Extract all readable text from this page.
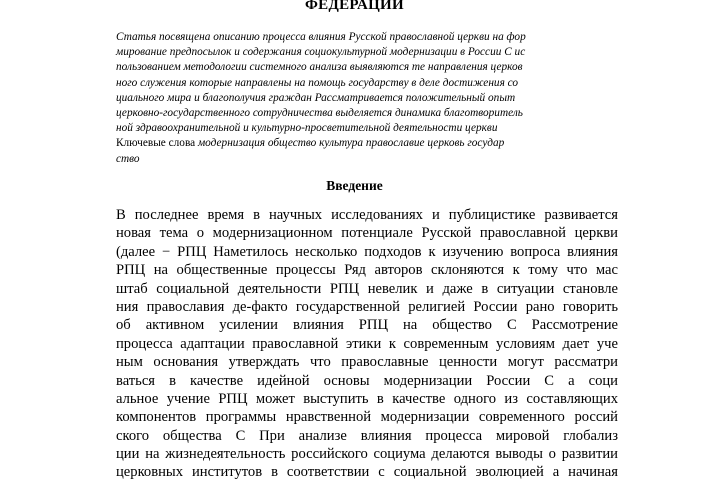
ФЕДЕРАЦИИ
Статья посвящена описанию процесса влияния Русской православной церкви на фор
мирование предпосылок и содержания социокультурной модернизации в России С ис
пользованием методологии системного анализа выявляются те направления церков
ного служения которые направлены на помощь государству в деле достижения со
циального мира и благополучия граждан Рассматривается положительный опыт
церковно-государственного сотрудничества выделяется динамика благотворитель
ной здравоохранительной и культурно-просветительной деятельности церкви
Ключевые слова модернизация общество культура православие церковь государ
ство
Введение
В последнее время в научных исследованиях и публицистике развивается
новая тема о модернизационном потенциале Русской православной церкви
(далее − РПЦ Наметилось несколько подходов к изучению вопроса влияния
РПЦ на общественные процессы Ряд авторов склоняются к тому что мас
штаб социальной деятельности РПЦ невелик и даже в ситуации становле
ния православия де-факто государственной религией России рано говорить
об активном усилении влияния РПЦ на общество С Рассмотрение
процесса адаптации православной этики к современным условиям дает уче
ным основания утверждать что православные ценности могут рассматри
ваться в качестве идейной основы модернизации России С а соци
альное учение РПЦ может выступить в качестве одного из составляющих
компонентов программы нравственной модернизации современного россий
ского общества С При анализе влияния процесса мировой глобализ
ции на жизнедеятельность российского социума делаются выводы о развитии
церковных институтов в соответствии с социальной эволюцией а начиная
